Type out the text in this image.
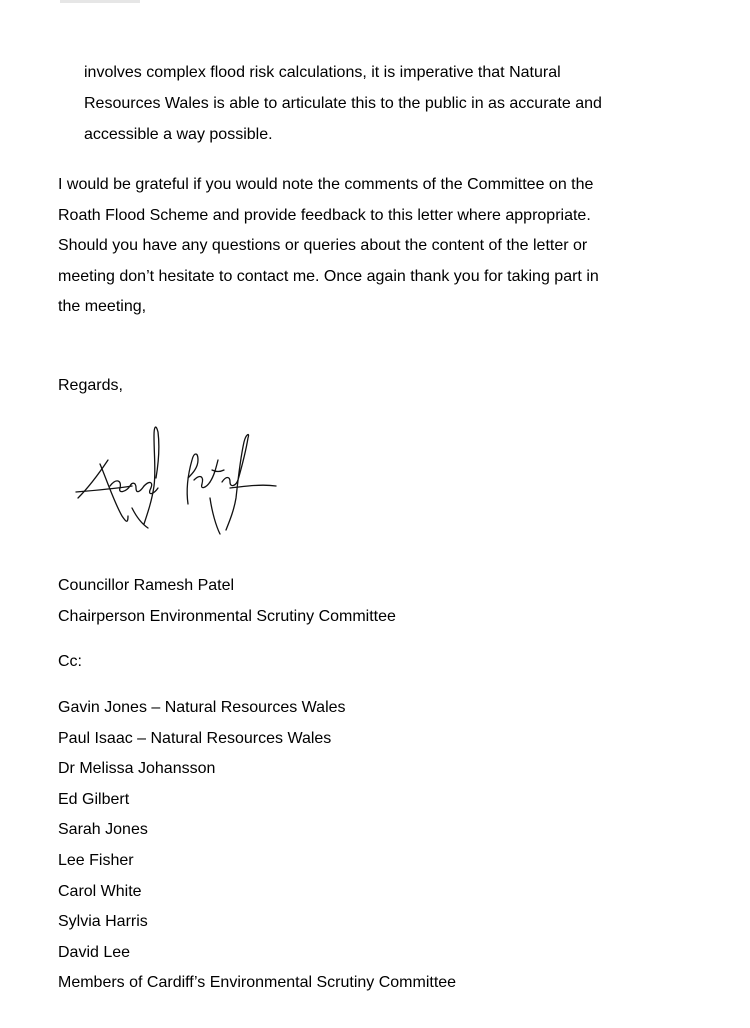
involves complex flood risk calculations, it is imperative that Natural
Resources Wales is able to articulate this to the public in as accurate and
accessible a way possible.
I would be grateful if you would note the comments of the Committee on the
Roath Flood Scheme and provide feedback to this letter where appropriate.
Should you have any questions or queries about the content of the letter or
meeting don’t hesitate to contact me. Once again thank you for taking part in
the meeting,
Regards,
Councillor Ramesh Patel
Chairperson Environmental Scrutiny Committee
Cc:
Gavin Jones – Natural Resources Wales
Paul Isaac – Natural Resources Wales
Dr Melissa Johansson
Ed Gilbert
Sarah Jones
Lee Fisher
Carol White
Sylvia Harris
David Lee
Members of Cardiff’s Environmental Scrutiny Committee
